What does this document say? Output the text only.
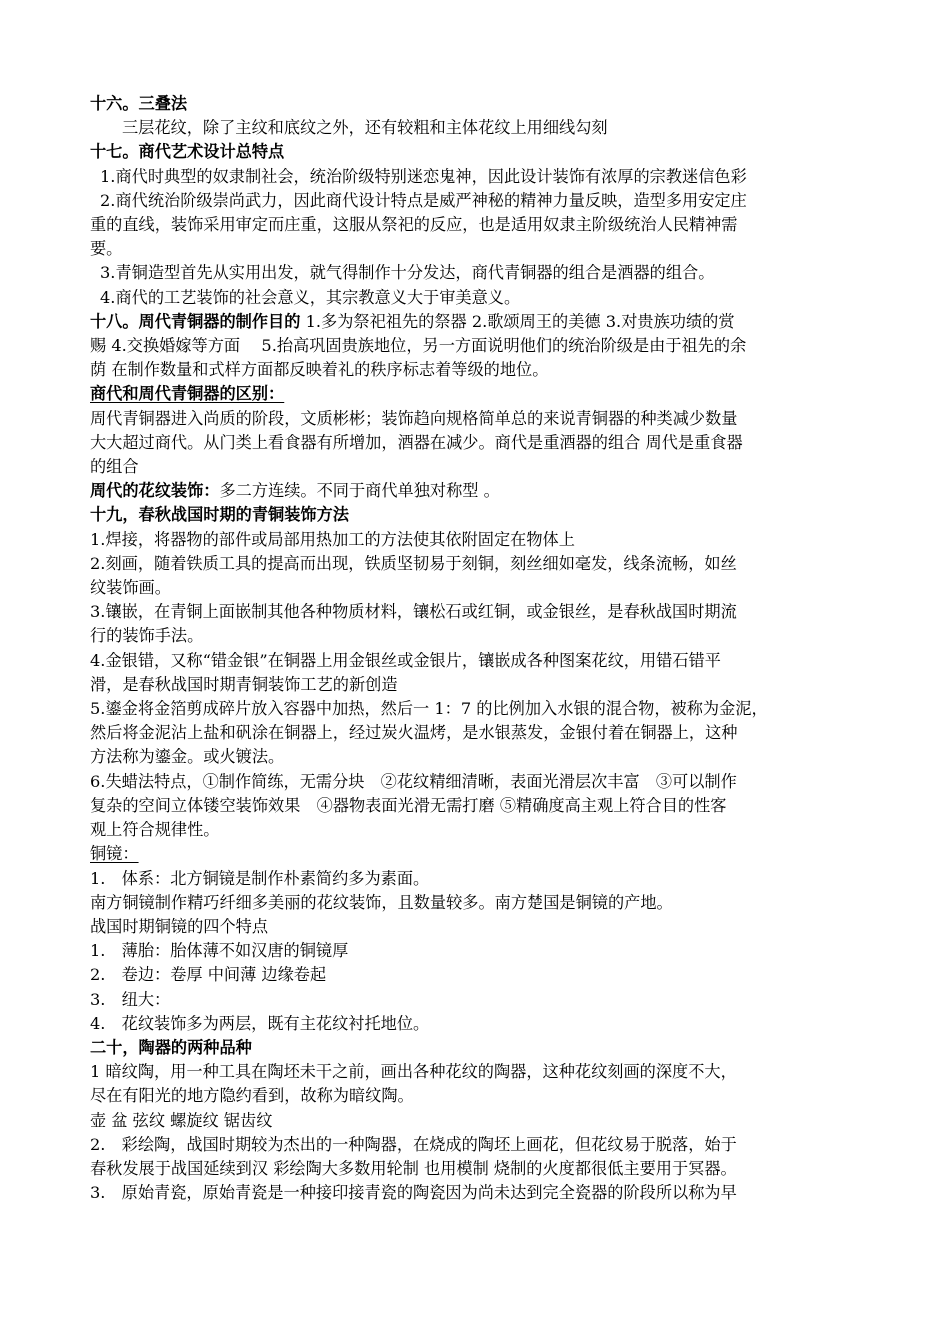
十六。三叠法
三层花纹，除了主纹和底纹之外，还有较粗和主体花纹上用细线勾刻
十七。商代艺术设计总特点
1.商代时典型的奴隶制社会，统治阶级特别迷恋鬼神，因此设计装饰有浓厚的宗教迷信色彩
2.商代统治阶级崇尚武力，因此商代设计特点是威严神秘的精神力量反映，造型多用安定庄
重的直线，装饰采用审定而庄重，这服从祭祀的反应，也是适用奴隶主阶级统治人民精神需
要。
3.青铜造型首先从实用出发，就气得制作十分发达，商代青铜器的组合是酒器的组合。
4.商代的工艺装饰的社会意义，其宗教意义大于审美意义。
十八。周代青铜器的制作目的 1.多为祭祀祖先的祭器 2.歌颂周王的美德 3.对贵族功绩的赏
赐 4.交换婚嫁等方面　 5.抬高巩固贵族地位，另一方面说明他们的统治阶级是由于祖先的余
荫 在制作数量和式样方面都反映着礼的秩序标志着等级的地位。
商代和周代青铜器的区别：
周代青铜器进入尚质的阶段，文质彬彬；装饰趋向规格简单总的来说青铜器的种类减少数量
大大超过商代。从门类上看食器有所增加，酒器在减少。商代是重酒器的组合 周代是重食器
的组合
周代的花纹装饰：多二方连续。不同于商代单独对称型 。
十九，春秋战国时期的青铜装饰方法
1.焊接，将器物的部件或局部用热加工的方法使其依附固定在物体上
2.刻画，随着铁质工具的提高而出现，铁质坚韧易于刻铜，刻丝细如毫发，线条流畅，如丝
纹装饰画。
3.镶嵌，在青铜上面嵌制其他各种物质材料，镶松石或红铜，或金银丝，是春秋战国时期流
行的装饰手法。
4.金银错，又称“错金银”在铜器上用金银丝或金银片，镶嵌成各种图案花纹，用错石错平
滑，是春秋战国时期青铜装饰工艺的新创造
5.鎏金将金箔剪成碎片放入容器中加热，然后一 1：7 的比例加入水银的混合物，被称为金泥，
然后将金泥沾上盐和矾涂在铜器上，经过炭火温烤，是水银蒸发，金银付着在铜器上，这种
方法称为鎏金。或火镀法。
6.失蜡法特点，①制作简练，无需分块　②花纹精细清晰，表面光滑层次丰富　③可以制作
复杂的空间立体镂空装饰效果　④器物表面光滑无需打磨 ⑤精确度高主观上符合目的性客
观上符合规律性。
铜镜：
1.　体系：北方铜镜是制作朴素简约多为素面。
南方铜镜制作精巧纤细多美丽的花纹装饰，且数量较多。南方楚国是铜镜的产地。
战国时期铜镜的四个特点
1.　薄胎：胎体薄不如汉唐的铜镜厚
2.　卷边：卷厚 中间薄 边缘卷起
3.　纽大：
4.　花纹装饰多为两层，既有主花纹衬托地位。
二十，陶器的两种品种
1 暗纹陶，用一种工具在陶坯未干之前，画出各种花纹的陶器，这种花纹刻画的深度不大，
尽在有阳光的地方隐约看到，故称为暗纹陶。
壶 盆 弦纹 螺旋纹 锯齿纹
2.　彩绘陶，战国时期较为杰出的一种陶器，在烧成的陶坯上画花，但花纹易于脱落，始于
春秋发展于战国延续到汉 彩绘陶大多数用轮制 也用模制 烧制的火度都很低主要用于冥器。
3.　原始青瓷，原始青瓷是一种接印接青瓷的陶瓷因为尚未达到完全瓷器的阶段所以称为早
